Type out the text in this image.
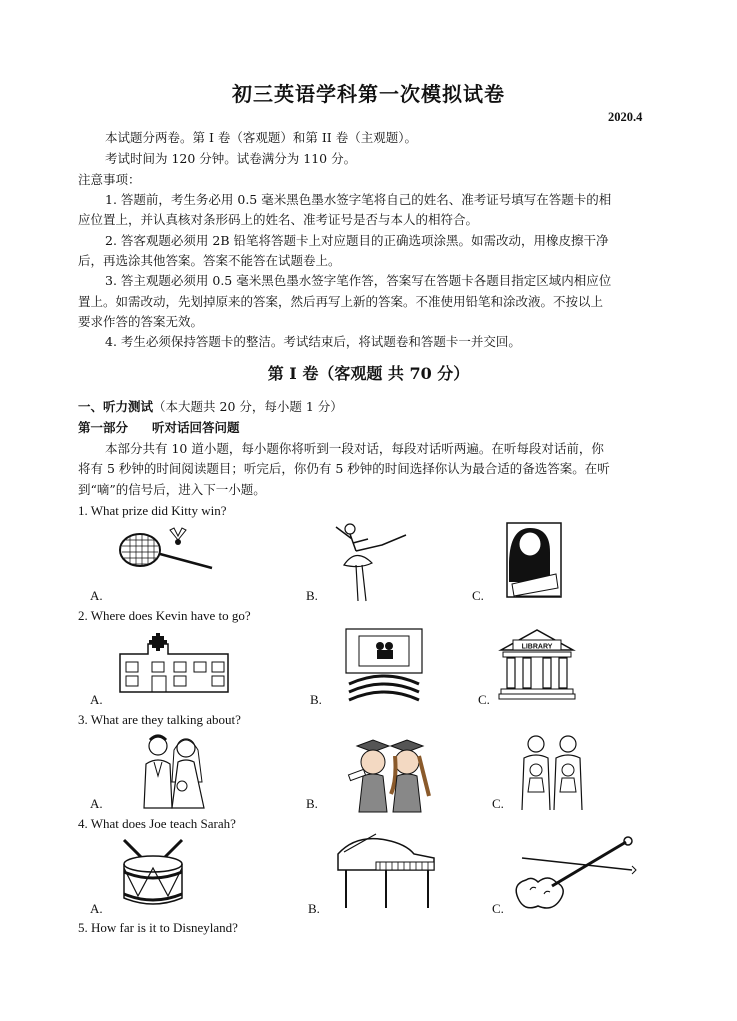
初三英语学科第一次模拟试卷
2020.4
本试题分两卷。第 I 卷（客观题）和第 II 卷（主观题）。
考试时间为 120 分钟。试卷满分为 110 分。
注意事项：
1. 答题前，考生务必用 0.5 毫米黑色墨水签字笔将自己的姓名、准考证号填写在答题卡的相
应位置上，并认真核对条形码上的姓名、准考证号是否与本人的相符合。
2. 答客观题必须用 2B 铅笔将答题卡上对应题目的正确选项涂黑。如需改动，用橡皮擦干净
后，再选涂其他答案。答案不能答在试题卷上。
3. 答主观题必须用 0.5 毫米黑色墨水签字笔作答，答案写在答题卡各题目指定区域内相应位
置上。如需改动，先划掉原来的答案，然后再写上新的答案。不准使用铅笔和涂改液。不按以上
要求作答的答案无效。
4. 考生必须保持答题卡的整洁。考试结束后，将试题卷和答题卡一并交回。
第 I 卷（客观题 共 70 分）
一、听力测试（本大题共 20 分，每小题 1 分）
第一部分 听对话回答问题
本部分共有 10 道小题，每小题你将听到一段对话，每段对话听两遍。在听每段对话前，你
将有 5 秒钟的时间阅读题目；听完后，你仍有 5 秒钟的时间选择你认为最合适的备选答案。在听
到“嘀”的信号后，进入下一小题。
1. What prize did Kitty win?
A.	B.	C.
2. Where does Kevin have to go?
A.	B.
LIBRARY
C.
3. What are they talking about?
A.	B.	C.
4. What does Joe teach Sarah?
A.	B.	C.
5. How far is it to Disneyland?
